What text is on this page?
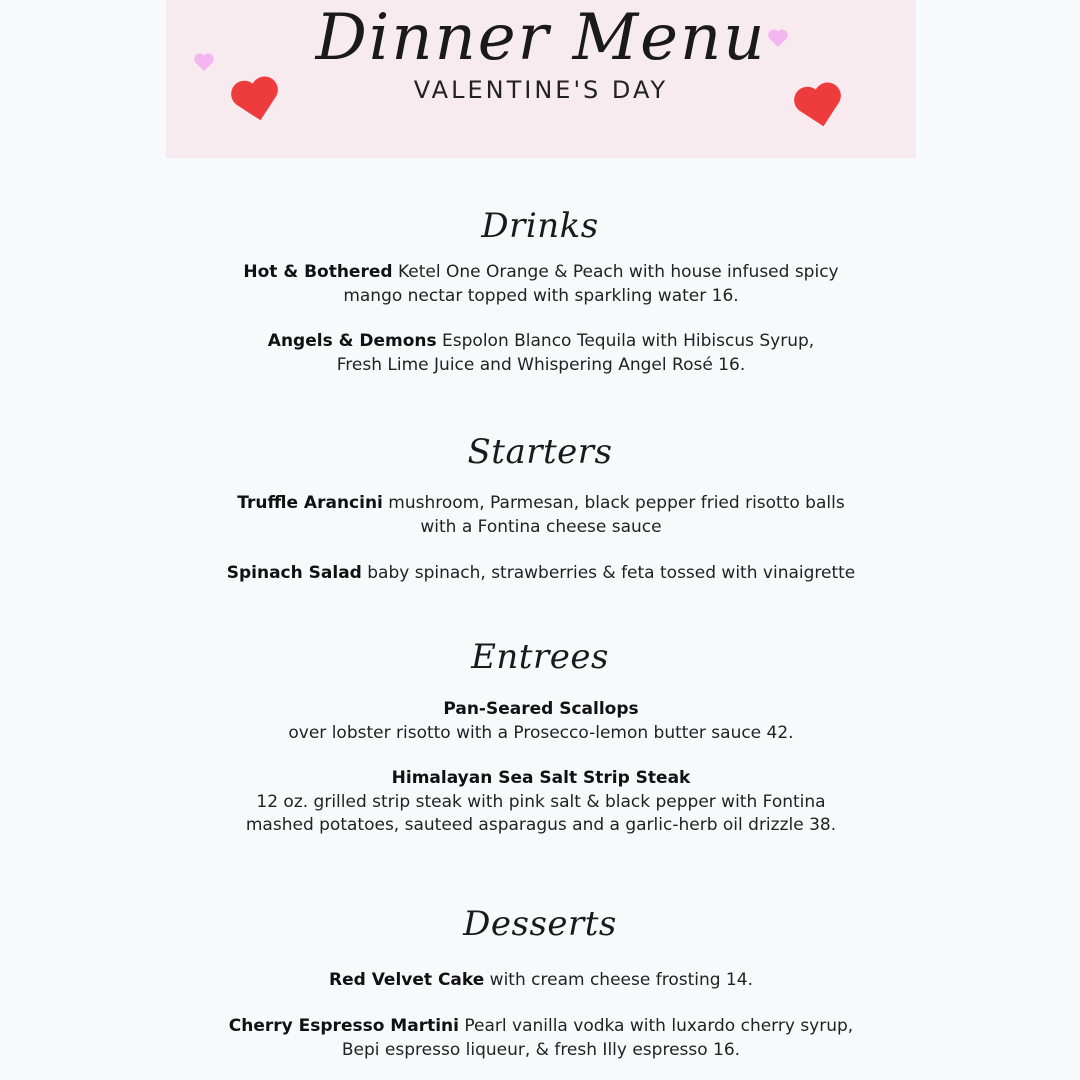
Dinner Menu
VALENTINE'S DAY
Drinks
Hot & Bothered Ketel One Orange & Peach with house infused spicy
mango nectar topped with sparkling water 16.
Angels & Demons Espolon Blanco Tequila with Hibiscus Syrup,
Fresh Lime Juice and Whispering Angel Rosé 16.
Starters
Truffle Arancini mushroom, Parmesan, black pepper fried risotto balls
with a Fontina cheese sauce
Spinach Salad baby spinach, strawberries & feta tossed with vinaigrette
Entrees
Pan-Seared Scallops
over lobster risotto with a Prosecco-lemon butter sauce 42.
Himalayan Sea Salt Strip Steak
12 oz. grilled strip steak with pink salt & black pepper with Fontina
mashed potatoes, sauteed asparagus and a garlic-herb oil drizzle 38.
Desserts
Red Velvet Cake with cream cheese frosting 14.
Cherry Espresso Martini Pearl vanilla vodka with luxardo cherry syrup,
Bepi espresso liqueur, & fresh Illy espresso 16.
